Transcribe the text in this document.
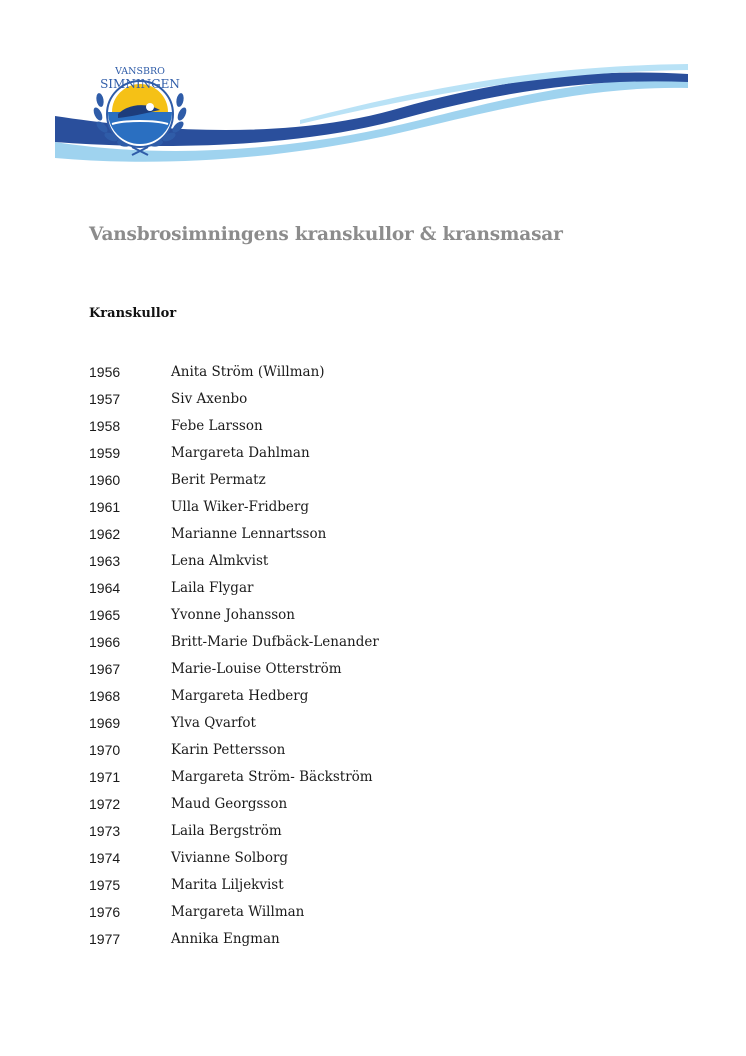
VANSBRO
SIMNINGEN
Vansbrosimningens kranskullor & kransmasar
Kranskullor
1956	Anita Ström (Willman)
1957	Siv Axenbo
1958	Febe Larsson
1959	Margareta Dahlman
1960	Berit Permatz
1961	Ulla Wiker-Fridberg
1962	Marianne Lennartsson
1963	Lena Almkvist
1964	Laila Flygar
1965	Yvonne Johansson
1966	Britt-Marie Dufbäck-Lenander
1967	Marie-Louise Otterström
1968	Margareta Hedberg
1969	Ylva Qvarfot
1970	Karin Pettersson
1971	Margareta Ström- Bäckström
1972	Maud Georgsson
1973	Laila Bergström
1974	Vivianne Solborg
1975	Marita Liljekvist
1976	Margareta Willman
1977	Annika Engman
